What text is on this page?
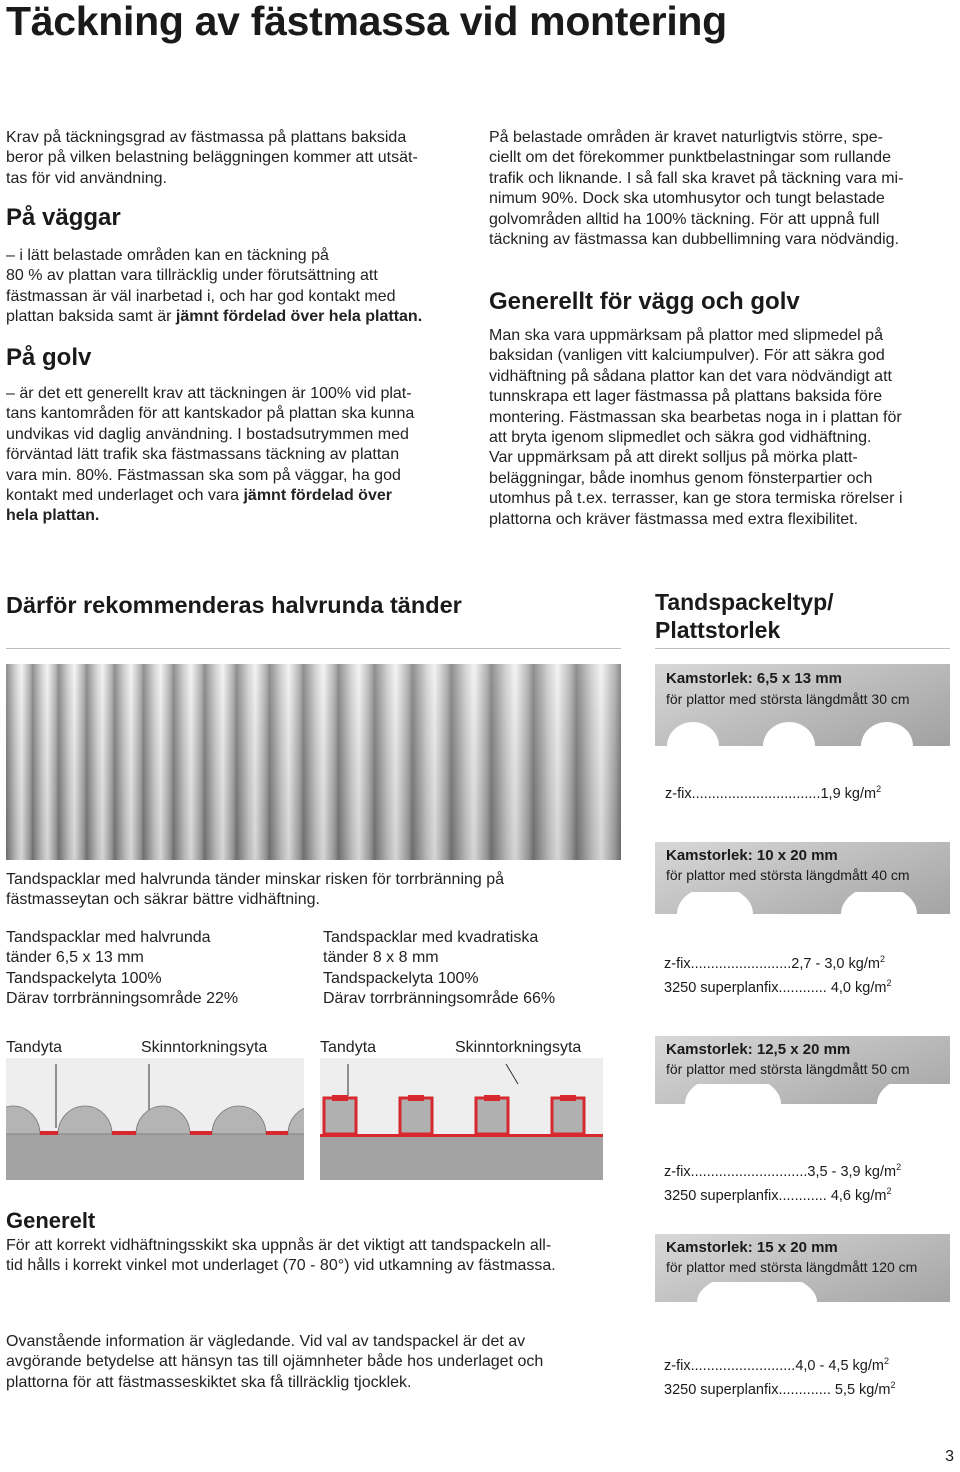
Täckning av fästmassa vid montering
Krav på täckningsgrad av fästmassa på plattans baksida
beror på vilken belastning beläggningen kommer att utsät-
tas för vid användning.
På väggar
– i lätt belastade områden kan en täckning på
80 % av plattan vara tillräcklig under förutsättning att
fästmassan är väl inarbetad i, och har god kontakt med
plattan baksida samt är jämnt fördelad över hela plattan.
På golv
– är det ett generellt krav att täckningen är 100% vid plat-
tans kantområden för att kantskador på plattan ska kunna
undvikas vid daglig användning. I bostadsutrymmen med
förväntad lätt trafik ska fästmassans täckning av plattan
vara min. 80%. Fästmassan ska som på väggar, ha god
kontakt med underlaget och vara jämnt fördelad över
hela plattan.
På belastade områden är kravet naturligtvis större, spe-
ciellt om det förekommer punktbelastningar som rullande
trafik och liknande. I så fall ska kravet på täckning vara mi-
nimum 90%. Dock ska utomhusytor och tungt belastade
golvområden alltid ha 100% täckning. För att uppnå full
täckning av fästmassa kan dubbellimning vara nödvändig.
Generellt för vägg och golv
Man ska vara uppmärksam på plattor med slipmedel på
baksidan (vanligen vitt kalciumpulver). För att säkra god
vidhäftning på sådana plattor kan det vara nödvändigt att
tunnskrapa ett lager fästmassa på plattans baksida före
montering. Fästmassan ska bearbetas noga in i plattan för
att bryta igenom slipmedlet och säkra god vidhäftning.
Var uppmärksam på att direkt solljus på mörka platt-
beläggningar, både inomhus genom fönsterpartier och
utomhus på t.ex. terrasser, kan ge stora termiska rörelser i
plattorna och kräver fästmassa med extra flexibilitet.
Därför rekommenderas halvrunda tänder	Tandspackeltyp/
Plattstorlek
Tandspacklar med halvrunda tänder minskar risken för torrbränning på
fästmasseytan och säkrar bättre vidhäftning.
Tandspacklar med halvrunda
tänder 6,5 x 13 mm
Tandspackelyta 100%
Därav torrbränningsområde 22%
Tandspacklar med kvadratiska
tänder 8 x 8 mm
Tandspackelyta 100%
Därav torrbränningsområde 66%
Tandyta	Skinntorkningsyta	Tandyta	Skinntorkningsyta
Generelt
För att korrekt vidhäftningsskikt ska uppnås är det viktigt att tandspackeln all-
tid hålls i korrekt vinkel mot underlaget (70 - 80°) vid utkamning av fästmassa.
Ovanstående information är vägledande. Vid val av tandspackel är det av
avgörande betydelse att hänsyn tas till ojämnheter både hos underlaget och
plattorna för att fästmasseskiktet ska få tillräcklig tjocklek.
Kamstorlek: 6,5 x 13 mm
för plattor med största längdmått 30 cm
z-fix................................1,9 $kg/m^2$
Kamstorlek: 10 x 20 mm
för plattor med största längdmått 40 cm
z-fix.........................2,7 - 3,0 $kg/m^2$
3250 superplanfix............ 4,0 $kg/m^2$
Kamstorlek: 12,5 x 20 mm
för plattor med största längdmått 50 cm
z-fix.............................3,5 - 3,9 $kg/m^2$
3250 superplanfix............ 4,6 $kg/m^2$
Kamstorlek: 15 x 20 mm
för plattor med största längdmått 120 cm
z-fix..........................4,0 - 4,5 $kg/m^2$
3250 superplanfix............. 5,5 $kg/m^2$
3
